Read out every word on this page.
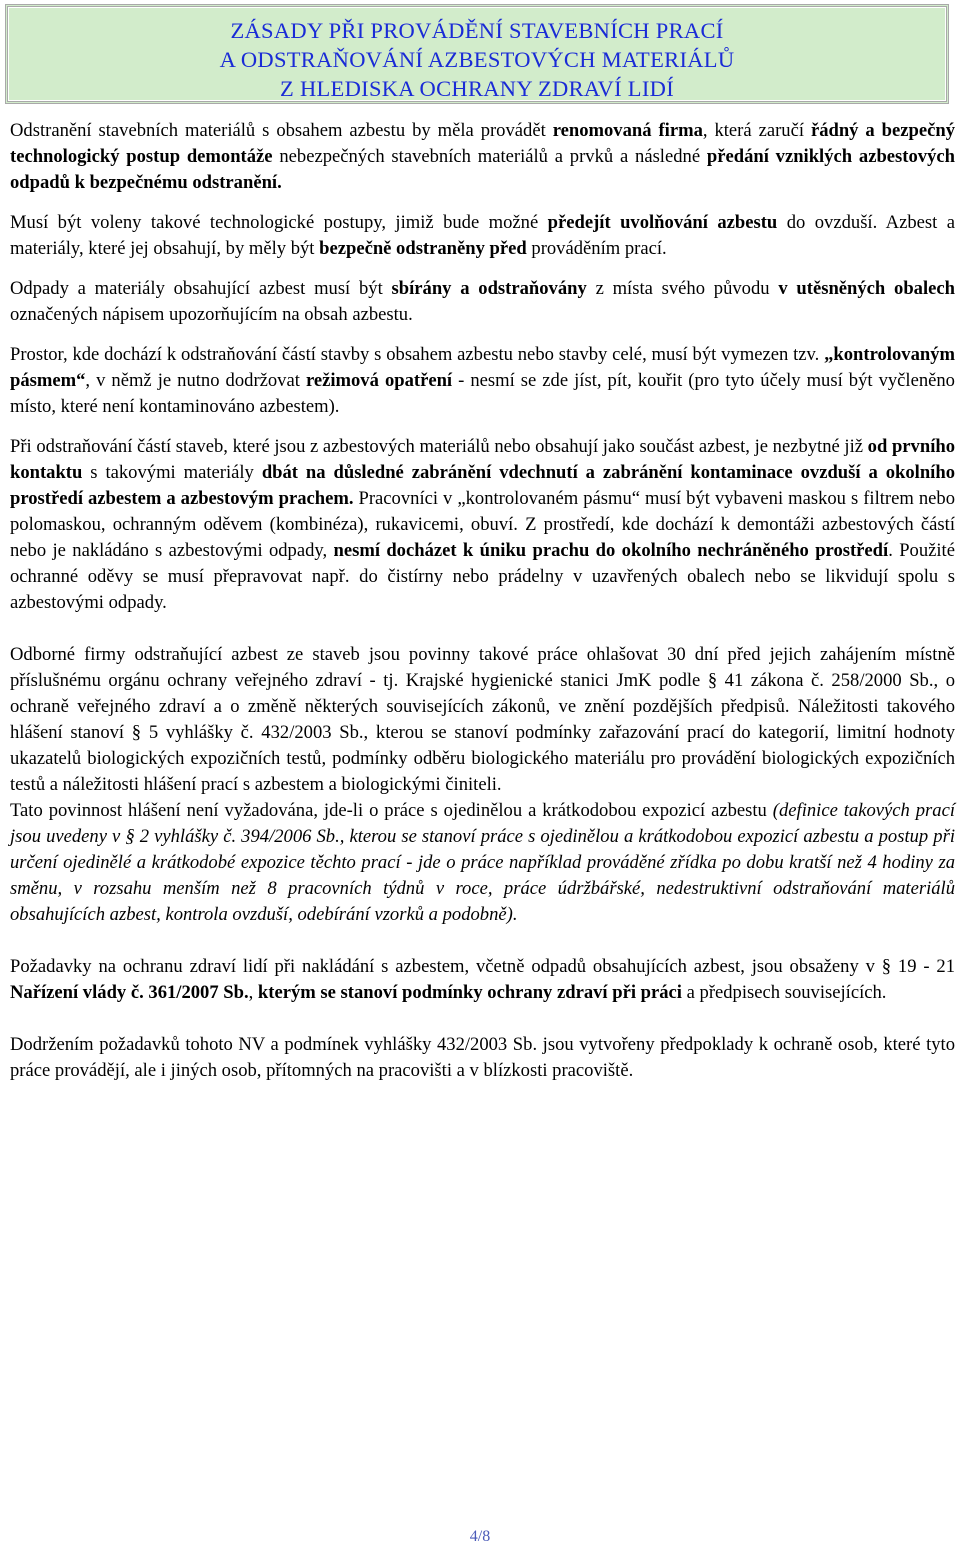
ZÁSADY PŘI PROVÁDĚNÍ STAVEBNÍCH PRACÍ
A ODSTRAŇOVÁNÍ AZBESTOVÝCH MATERIÁLŮ
Z HLEDISKA OCHRANY ZDRAVÍ LIDÍ

Odstranění stavebních materiálů s obsahem azbestu by měla provádět renomovaná firma, která zaručí řádný a bezpečný technologický postup demontáže nebezpečných stavebních materiálů a prvků a následné předání vzniklých azbestových odpadů k bezpečnému odstranění.

Musí být voleny takové technologické postupy, jimiž bude možné předejít uvolňování azbestu do ovzduší. Azbest a materiály, které jej obsahují, by měly být bezpečně odstraněny před prováděním prací.

Odpady a materiály obsahující azbest musí být sbírány a odstraňovány z místa svého původu v utěsněných obalech označených nápisem upozorňujícím na obsah azbestu.

Prostor, kde dochází k odstraňování částí stavby s obsahem azbestu nebo stavby celé, musí být vymezen tzv. „kontrolovaným pásmem“, v němž je nutno dodržovat režimová opatření - nesmí se zde jíst, pít, kouřit (pro tyto účely musí být vyčleněno místo, které není kontaminováno azbestem).

Při odstraňování částí staveb, které jsou z azbestových materiálů nebo obsahují jako součást azbest, je nezbytné již od prvního kontaktu s takovými materiály dbát na důsledné zabránění vdechnutí a zabránění kontaminace ovzduší a okolního prostředí azbestem a azbestovým prachem. Pracovníci v „kontrolovaném pásmu“ musí být vybaveni maskou s filtrem nebo polomaskou, ochranným oděvem (kombinéza), rukavicemi, obuví. Z prostředí, kde dochází k demontáži azbestových částí nebo je nakládáno s azbestovými odpady, nesmí docházet k úniku prachu do okolního nechráněného prostředí. Použité ochranné oděvy se musí přepravovat např. do čistírny nebo prádelny v uzavřených obalech nebo se likvidují spolu s azbestovými odpady.

Odborné firmy odstraňující azbest ze staveb jsou povinny takové práce ohlašovat 30 dní před jejich zahájením místně příslušnému orgánu ochrany veřejného zdraví - tj. Krajské hygienické stanici JmK podle § 41 zákona č. 258/2000 Sb., o ochraně veřejného zdraví a o změně některých souvisejících zákonů, ve znění pozdějších předpisů. Náležitosti takového hlášení stanoví § 5 vyhlášky č. 432/2003 Sb., kterou se stanoví podmínky zařazování prací do kategorií, limitní hodnoty ukazatelů biologických expozičních testů, podmínky odběru biologického materiálu pro provádění biologických expozičních testů a náležitosti hlášení prací s azbestem a biologickými činiteli.

Tato povinnost hlášení není vyžadována, jde-li o práce s ojedinělou a krátkodobou expozicí azbestu (definice takových prací jsou uvedeny v § 2 vyhlášky č. 394/2006 Sb., kterou se stanoví práce s ojedinělou a krátkodobou expozicí azbestu a postup při určení ojedinělé a krátkodobé expozice těchto prací - jde o práce například prováděné zřídka po dobu kratší než 4 hodiny za směnu, v rozsahu menším než 8 pracovních týdnů v roce, práce údržbářské, nedestruktivní odstraňování materiálů obsahujících azbest, kontrola ovzduší, odebírání vzorků a podobně).

Požadavky na ochranu zdraví lidí při nakládání s azbestem, včetně odpadů obsahujících azbest, jsou obsaženy v § 19 - 21 Nařízení vlády č. 361/2007 Sb., kterým se stanoví podmínky ochrany zdraví při práci a předpisech souvisejících.

Dodržením požadavků tohoto NV a podmínek vyhlášky 432/2003 Sb. jsou vytvořeny předpoklady k ochraně osob, které tyto práce provádějí, ale i jiných osob, přítomných na pracovišti a v blízkosti pracoviště.

4/8
